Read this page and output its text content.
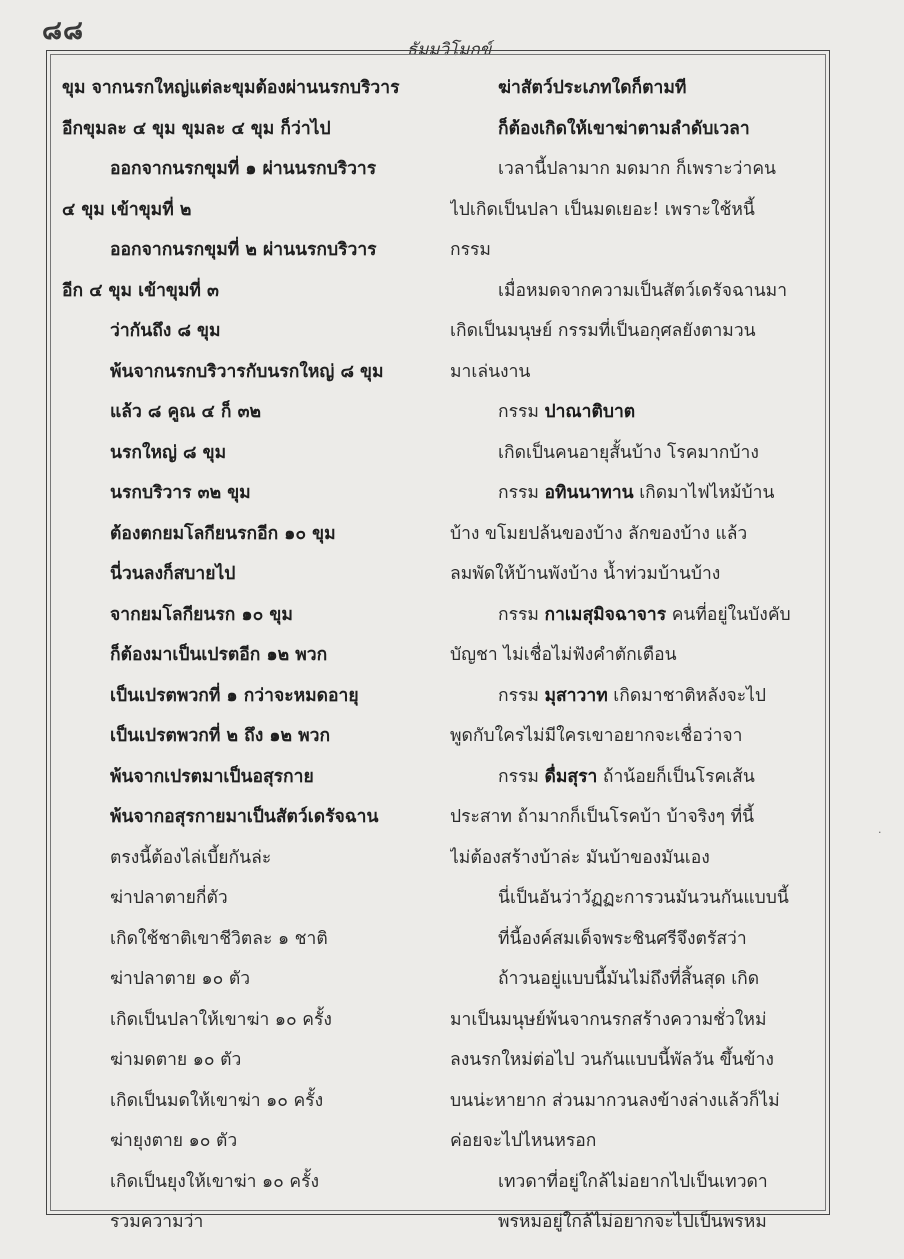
๘๘
ธัมมวิโมกข์
ขุม จากนรกใหญ่แต่ละขุมต้องผ่านนรกบริวาร
อีกขุมละ ๔ ขุม ขุมละ ๔ ขุม ก็ว่าไป
ออกจากนรกขุมที่ ๑ ผ่านนรกบริวาร
๔ ขุม เข้าขุมที่ ๒
ออกจากนรกขุมที่ ๒ ผ่านนรกบริวาร
อีก ๔ ขุม เข้าขุมที่ ๓
ว่ากันถึง ๘ ขุม
พ้นจากนรกบริวารกับนรกใหญ่ ๘ ขุม
แล้ว ๘ คูณ ๔ ก็ ๓๒
นรกใหญ่ ๘ ขุม
นรกบริวาร ๓๒ ขุม
ต้องตกยมโลกียนรกอีก ๑๐ ขุม
นี่วนลงก็สบายไป
จากยมโลกียนรก ๑๐ ขุม
ก็ต้องมาเป็นเปรตอีก ๑๒ พวก
เป็นเปรตพวกที่ ๑ กว่าจะหมดอายุ
เป็นเปรตพวกที่ ๒ ถึง ๑๒ พวก
พ้นจากเปรตมาเป็นอสุรกาย
พ้นจากอสุรกายมาเป็นสัตว์เดรัจฉาน
ตรงนี้ต้องไล่เบี้ยกันล่ะ
ฆ่าปลาตายกี่ตัว
เกิดใช้ชาติเขาชีวิตละ ๑ ชาติ
ฆ่าปลาตาย ๑๐ ตัว
เกิดเป็นปลาให้เขาฆ่า ๑๐ ครั้ง
ฆ่ามดตาย ๑๐ ตัว
เกิดเป็นมดให้เขาฆ่า ๑๐ ครั้ง
ฆ่ายุงตาย ๑๐ ตัว
เกิดเป็นยุงให้เขาฆ่า ๑๐ ครั้ง
รวมความว่า
ฆ่าสัตว์ประเภทใดก็ตามที
ก็ต้องเกิดให้เขาฆ่าตามลำดับเวลา
เวลานี้ปลามาก มดมาก ก็เพราะว่าคน
ไปเกิดเป็นปลา เป็นมดเยอะ! เพราะใช้หนี้
กรรม
เมื่อหมดจากความเป็นสัตว์เดรัจฉานมา
เกิดเป็นมนุษย์ กรรมที่เป็นอกุศลยังตามวน
มาเล่นงาน
กรรม ปาณาติบาต
เกิดเป็นคนอายุสั้นบ้าง โรคมากบ้าง
กรรม อทินนาทาน เกิดมาไฟไหม้บ้าน
บ้าง ขโมยปล้นของบ้าง ลักของบ้าง แล้ว
ลมพัดให้บ้านพังบ้าง น้ำท่วมบ้านบ้าง
กรรม กาเมสุมิจฉาจาร คนที่อยู่ในบังคับ
บัญชา ไม่เชื่อไม่ฟังคำตักเตือน
กรรม มุสาวาท เกิดมาชาติหลังจะไป
พูดกับใครไม่มีใครเขาอยากจะเชื่อว่าจา
กรรม ดื่มสุรา ถ้าน้อยก็เป็นโรคเส้น
ประสาท ถ้ามากก็เป็นโรคบ้า บ้าจริงๆ ที่นี้
ไม่ต้องสร้างบ้าล่ะ มันบ้าของมันเอง
นี่เป็นอันว่าวัฏฏะการวนมันวนกันแบบนี้
ที่นี้องค์สมเด็จพระชินศรีจึงตรัสว่า
ถ้าวนอยู่แบบนี้มันไม่ถึงที่สิ้นสุด เกิด
มาเป็นมนุษย์พ้นจากนรกสร้างความชั่วใหม่
ลงนรกใหม่ต่อไป วนกันแบบนี้พัลวัน ขึ้นข้าง
บนน่ะหายาก ส่วนมากวนลงข้างล่างแล้วก็ไม่
ค่อยจะไปไหนหรอก
เทวดาที่อยู่ใกล้ไม่อยากไปเป็นเทวดา
พรหมอยู่ใกล้ไม่อยากจะไปเป็นพรหม
·
